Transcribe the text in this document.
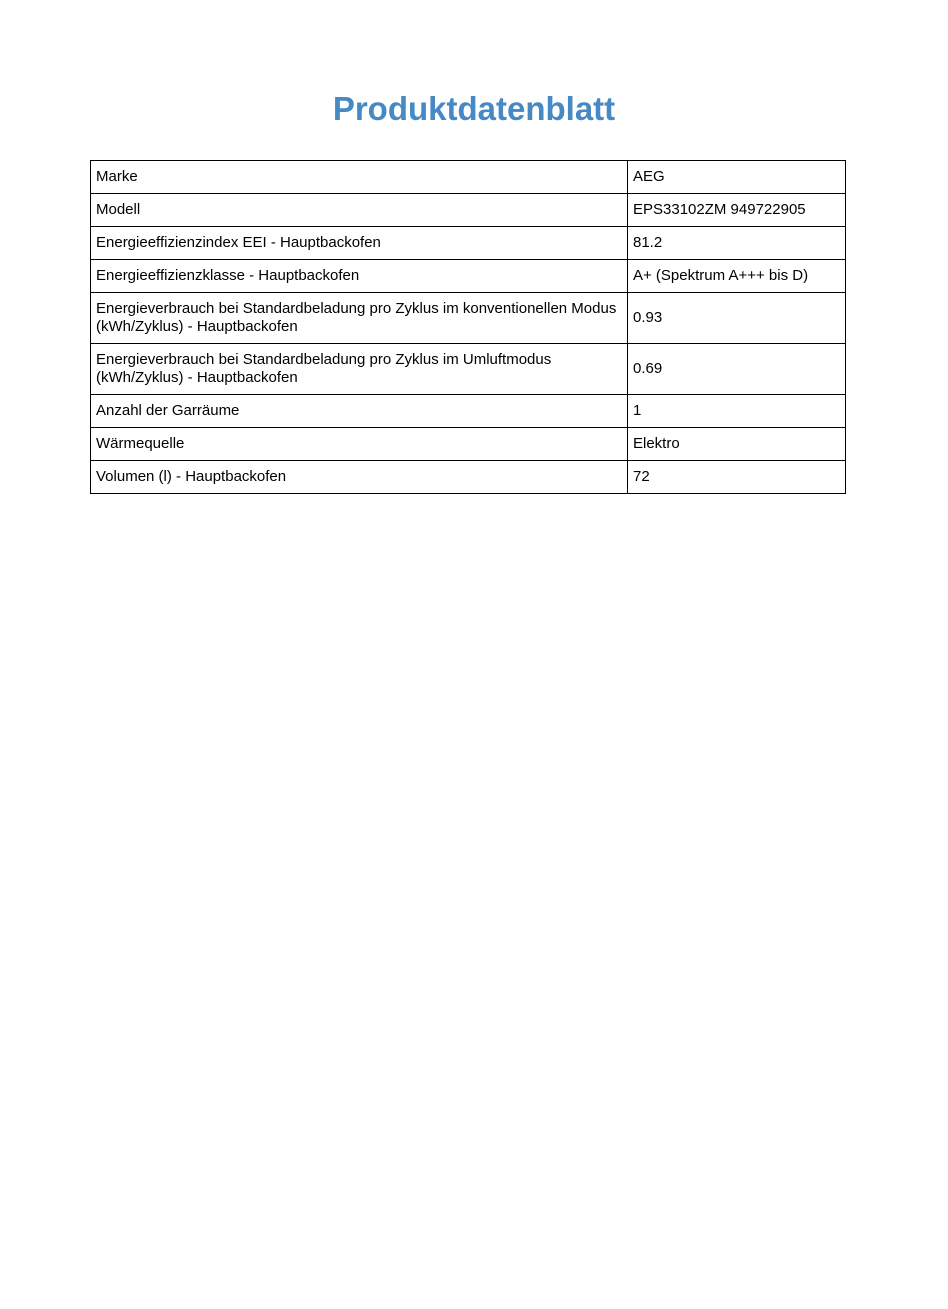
Produktdatenblatt
Marke	AEG
Modell	EPS33102ZM 949722905
Energieeffizienzindex EEI - Hauptbackofen	81.2
Energieeffizienzklasse - Hauptbackofen	A+ (Spektrum A+++ bis D)
Energieverbrauch bei Standardbeladung pro Zyklus im konventionellen Modus (kWh/Zyklus) - Hauptbackofen	0.93
Energieverbrauch bei Standardbeladung pro Zyklus im Umluftmodus (kWh/Zyklus) - Hauptbackofen	0.69
Anzahl der Garräume	1
Wärmequelle	Elektro
Volumen (l) - Hauptbackofen	72
